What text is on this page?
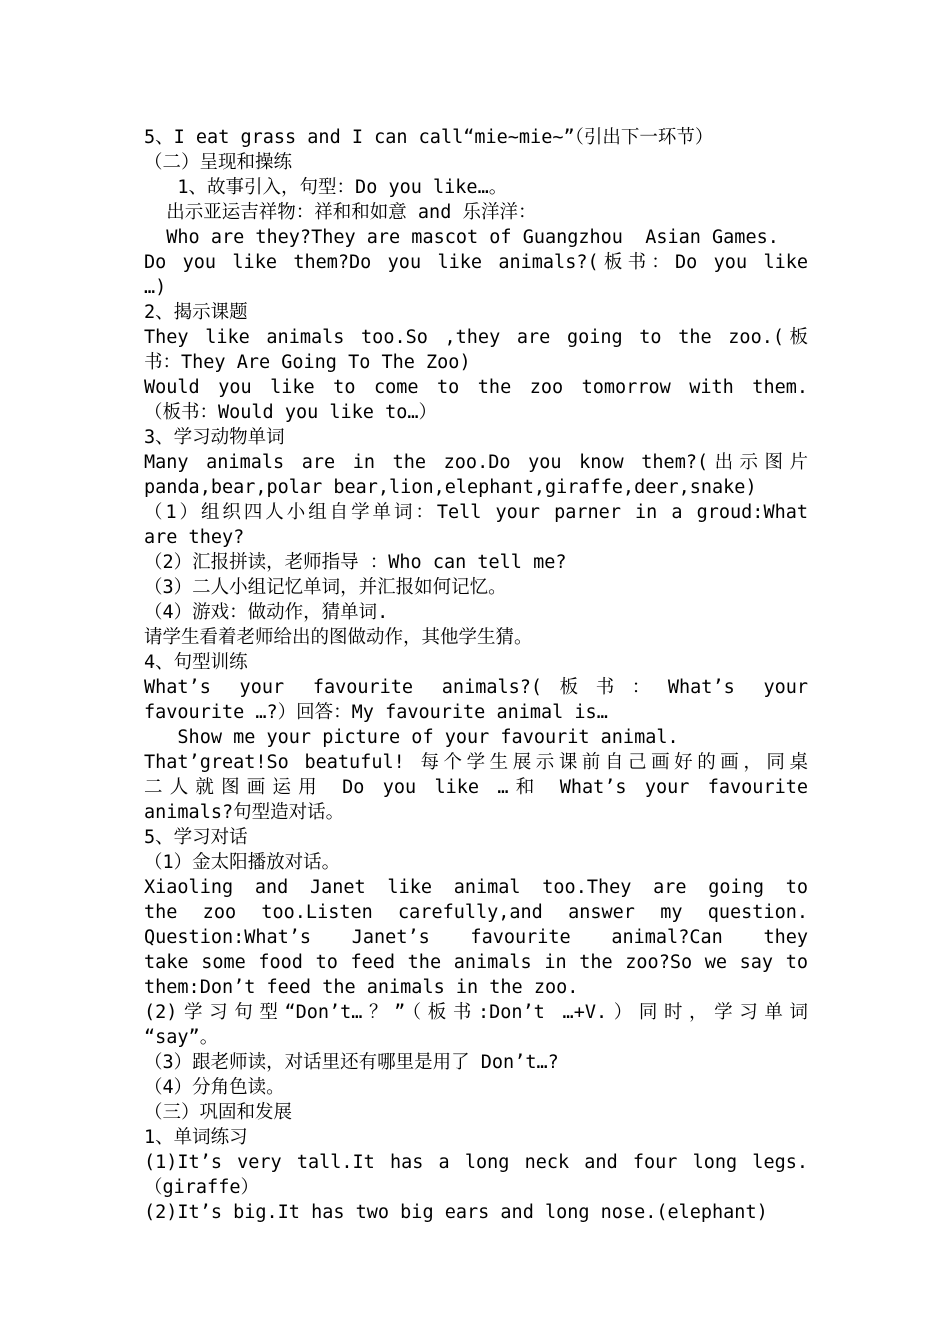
5、I eat grass and I can call“mie~mie~”（引出下一环节）
（二）呈现和操练
1、故事引入，句型：Do you like…。
出示亚运吉祥物：祥和和如意 and 乐洋洋：
Who are they?They are mascot of Guangzhou  Asian Games.
Do you like them?Do you like animals?(板书：Do you like
…)
2、揭示课题
They like animals too.So ,they are going to the zoo.(板
书：They Are Going To The Zoo)
Would you like to come to the zoo tomorrow with them.
（板书：Would you like to…）
3、学习动物单词
Many animals are in the zoo.Do you know them?(出示图片
panda,bear,polar bear,lion,elephant,giraffe,deer,snake)
（1）组织四人小组自学单词：Tell your parner in a groud:What
are they?
（2）汇报拼读，老师指导 ：Who can tell me?
（3）二人小组记忆单词，并汇报如何记忆。
（4）游戏：做动作，猜单词.
请学生看着老师给出的图做动作，其他学生猜。
4、句型训练
What’s your favourite animals?(板书：What’s your
favourite …?）回答：My favourite animal is…
Show me your picture of your favourit animal.
That’great!So beatuful! 每个学生展示课前自己画好的画，同桌
二人就图画运用 Do you like …和 What’s your favourite
animals?句型造对话。
5、学习对话
（1）金太阳播放对话。
Xiaoling and Janet like animal too.They are going to
the zoo too.Listen carefully,and answer my question.
Question:What’s Janet’s favourite animal?Can they
take some food to feed the animals in the zoo?So we say to
them:Don’t feed the animals in the zoo.
(2)学习句型“Don’t…？”（板书:Don’t …+V.）同时，学习单词
“say”。
（3）跟老师读，对话里还有哪里是用了 Don’t…?
（4）分角色读。
（三）巩固和发展
1、单词练习
(1)It’s very tall.It has a long neck and four long legs.
（giraffe）
(2)It’s big.It has two big ears and long nose.(elephant)
